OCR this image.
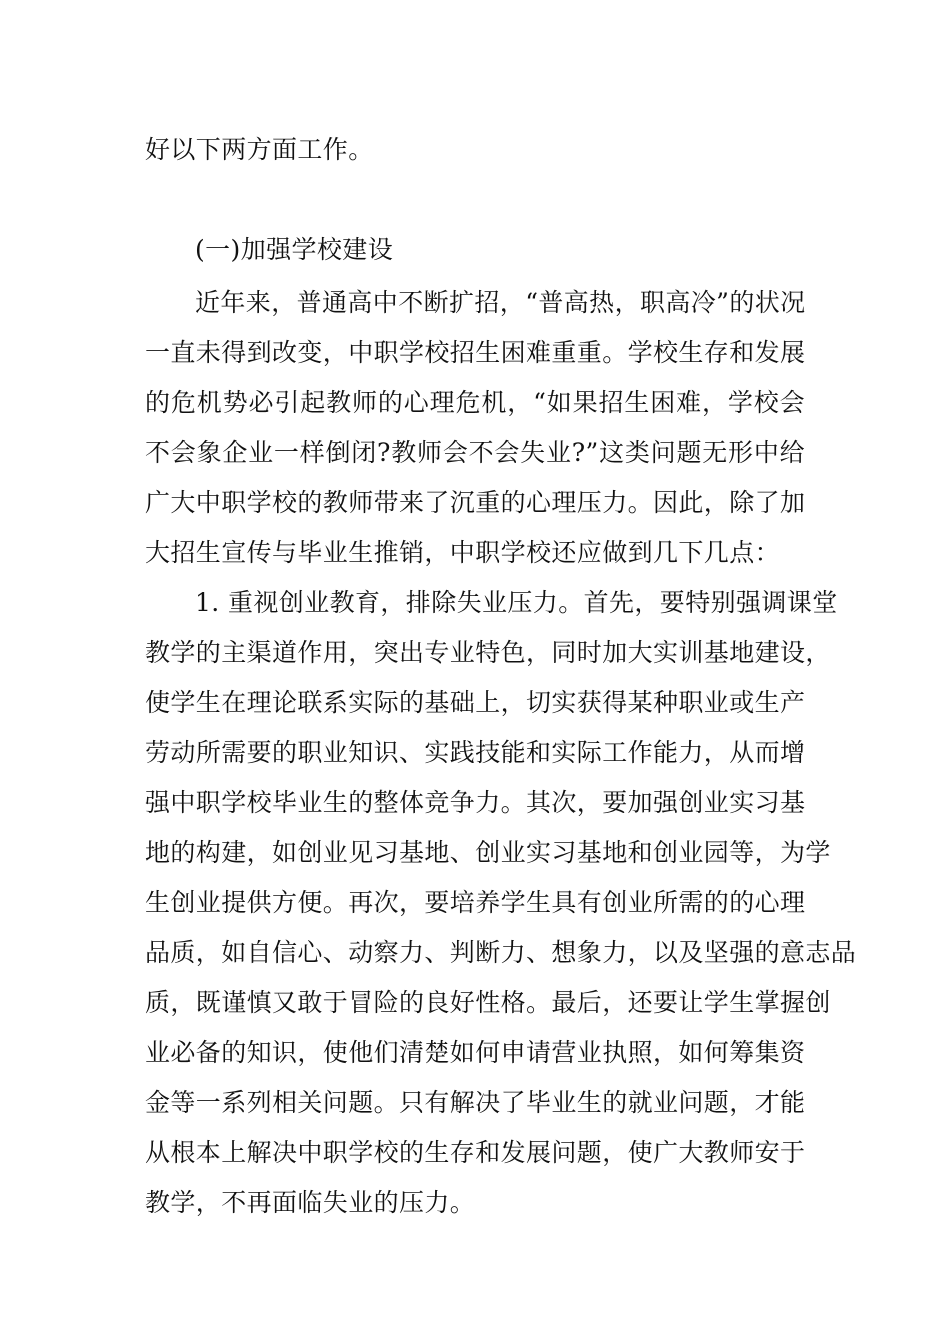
好以下两方面工作。
(一)加强学校建设
近年来，普通高中不断扩招，“普高热，职高冷”的状况
一直未得到改变，中职学校招生困难重重。学校生存和发展
的危机势必引起教师的心理危机，“如果招生困难，学校会
不会象企业一样倒闭?教师会不会失业?”这类问题无形中给
广大中职学校的教师带来了沉重的心理压力。因此，除了加
大招生宣传与毕业生推销，中职学校还应做到几下几点：
1. 重视创业教育，排除失业压力。首先，要特别强调课堂
教学的主渠道作用，突出专业特色，同时加大实训基地建设，
使学生在理论联系实际的基础上，切实获得某种职业或生产
劳动所需要的职业知识、实践技能和实际工作能力，从而增
强中职学校毕业生的整体竞争力。其次，要加强创业实习基
地的构建，如创业见习基地、创业实习基地和创业园等，为学
生创业提供方便。再次，要培养学生具有创业所需的的心理
品质，如自信心、动察力、判断力、想象力，以及坚强的意志品
质，既谨慎又敢于冒险的良好性格。最后，还要让学生掌握创
业必备的知识，使他们清楚如何申请营业执照，如何筹集资
金等一系列相关问题。只有解决了毕业生的就业问题，才能
从根本上解决中职学校的生存和发展问题，使广大教师安于
教学，不再面临失业的压力。
